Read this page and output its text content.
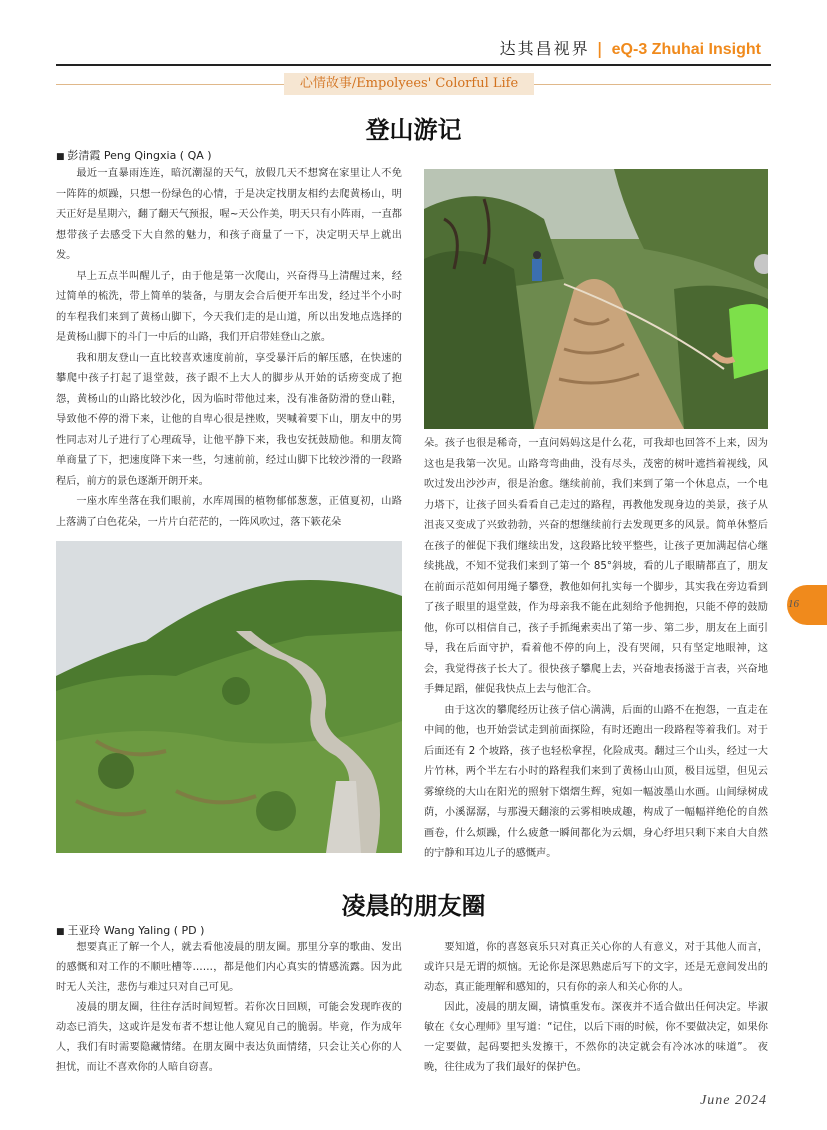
达其昌视界 | eQ-3 Zhuhai Insight
心情故事/Empolyees' Colorful Life
登山游记
■ 彭清霞 Peng Qingxia ( QA )

最近一直暴雨连连，暗沉潮湿的天气，放假几天不想窝在家里让人不免一阵阵的烦躁，只想一份绿色的心情，于是决定找朋友相约去爬黄杨山，明天正好是星期六，翻了翻天气预报，喔~天公作美，明天只有小阵雨，一直都想带孩子去感受下大自然的魅力，和孩子商量了一下，决定明天早上就出发。

早上五点半叫醒儿子，由于他是第一次爬山，兴奋得马上清醒过来，经过简单的梳洗，带上简单的装备，与朋友会合后便开车出发，经过半个小时的车程我们来到了黄杨山脚下，今天我们走的是山道，所以出发地点选择的是黄杨山脚下的斗门一中后的山路，我们开启带娃登山之旅。

我和朋友登山一直比较喜欢速度前前，享受暴汗后的解压感，在快速的攀爬中孩子打起了退堂鼓，孩子跟不上大人的脚步从开始的话痨变成了抱怨，黄杨山的山路比较沙化，因为临时带他过来，没有准备防滑的登山鞋，导致他不停的滑下来，让他的自卑心很是挫败，哭喊着要下山，朋友中的男性同志对儿子进行了心理疏导，让他平静下来，我也安抚鼓励他。和朋友简单商量了下，把速度降下来一些，匀速前前，经过山脚下比较沙滑的一段路程后，前方的景色逐渐开朗开来。

一座水库坐落在我们眼前，水库周围的植物郁郁葱葱，正值夏初，山路上落满了白色花朵，一片片白茫茫的，一阵风吹过，落下簌花朵

朵。孩子也很是稀奇，一直问妈妈这是什么花，可我却也回答不上来，因为这也是我第一次见。山路弯弯曲曲，没有尽头，茂密的树叶遮挡着视线，风吹过发出沙沙声，很是治愈。继续前前，我们来到了第一个休息点，一个电力塔下，让孩子回头看看自己走过的路程，再教他发现身边的美景，孩子从沮丧又变成了兴致勃勃，兴奋的想继续前行去发现更多的风景。简单休整后在孩子的催促下我们继续出发，这段路比较平整些，让孩子更加满起信心继续挑战，不知不觉我们来到了第一个 85°斜坡，看的儿子眼睛都直了，朋友在前面示范如何用绳子攀登，教他如何扎实每一个脚步，其实我在旁边看到了孩子眼里的退堂鼓，作为母亲我不能在此刻给予他拥抱，只能不停的鼓励他，你可以相信自己，孩子手抓绳索卖出了第一步、第二步，朋友在上面引导，我在后面守护，看着他不停的向上，没有哭闹，只有坚定地眼神，这会，我觉得孩子长大了。很快孩子攀爬上去，兴奋地表扬滋于言表，兴奋地手舞足蹈，催促我快点上去与他汇合。

由于这次的攀爬经历让孩子信心满满，后面的山路不在抱怨，一直走在中间的他，也开始尝试走到前面探险，有时还跑出一段路程等着我们。对于后面还有 2 个坡路，孩子也轻松拿捏，化险成夷。翻过三个山头，经过一大片竹林，两个半左右小时的路程我们来到了黄杨山山顶，极目远望，但见云雾缭绕的大山在阳光的照射下熠熠生辉，宛如一幅波墨山水画。山间绿树成荫，小溪潺潺，与那漫天翻滚的云雾相映成趣，构成了一幅幅祥绝伦的自然画卷，什么烦躁，什么疲惫一瞬间都化为云烟，身心纾坦只剩下来自大自然的宁静和耳边儿子的感慨声。

16
凌晨的朋友圈
■ 王亚玲 Wang Yaling ( PD )

想要真正了解一个人，就去看他凌晨的朋友圈。那里分享的歌曲、发出的感慨和对工作的不顺吐槽等……，都是他们内心真实的情感流露。因为此时无人关注，悲伤与难过只对自己可见。

凌晨的朋友圈，往往存活时间短暂。若你次日回顾，可能会发现昨夜的动态已消失，这或许是发布者不想让他人窥见自己的脆弱。毕竟，作为成年人，我们有时需要隐藏情绪。在朋友圈中表达负面情绪，只会让关心你的人担忧，而让不喜欢你的人暗自窃喜。

要知道，你的喜怒哀乐只对真正关心你的人有意义，对于其他人而言，或许只是无谓的烦恼。无论你是深思熟虑后写下的文字，还是无意间发出的动态，真正能理解和感知的，只有你的亲人和关心你的人。

因此，凌晨的朋友圈，请慎重发布。深夜并不适合做出任何决定。毕淑敏在《女心理师》里写道：“记住，以后下雨的时候，你不要做决定，如果你一定要做，起码要把头发擦干，不然你的决定就会有冷冰冰的味道”。 夜晚，往往成为了我们最好的保护色。

June 2024
